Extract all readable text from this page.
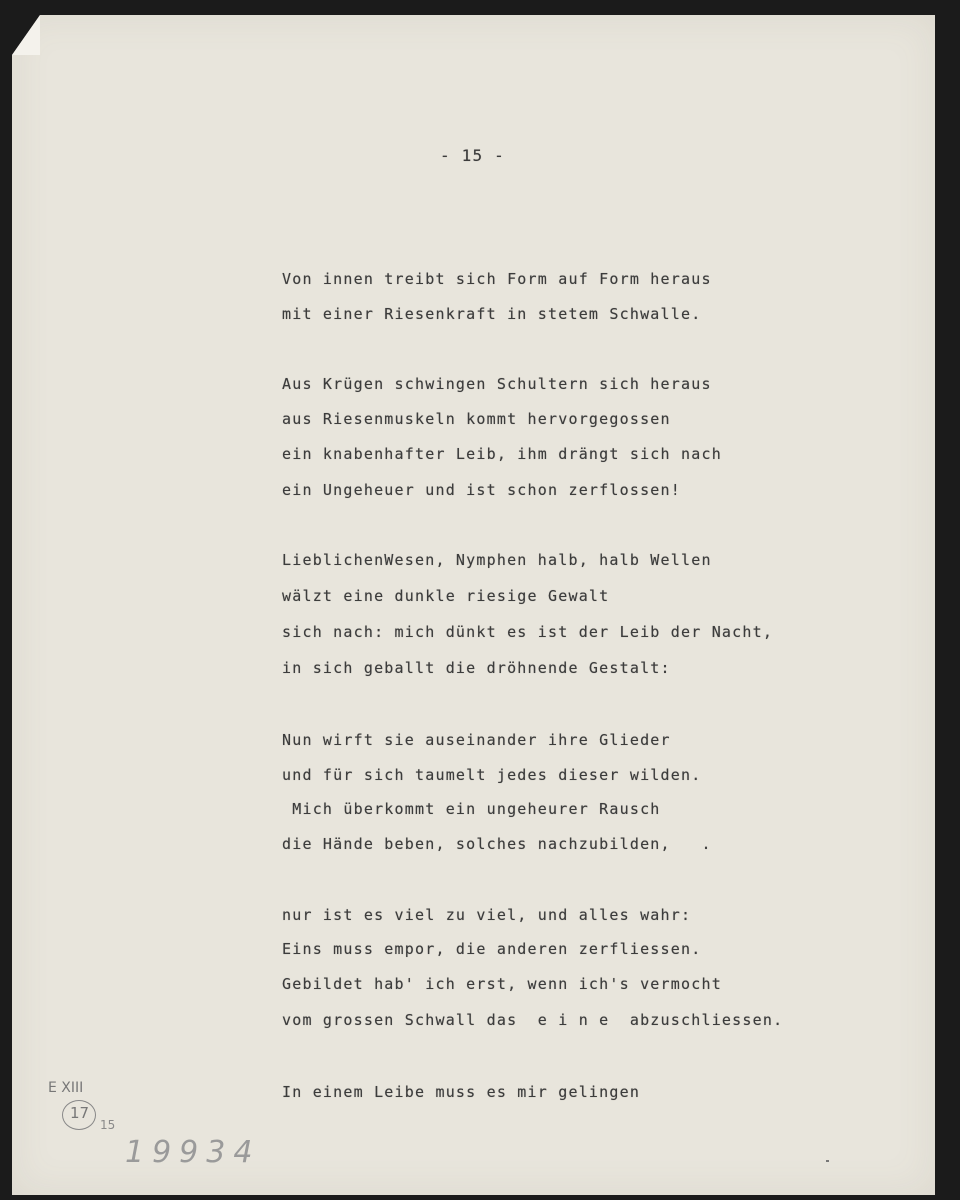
- 15 -

Von innen treibt sich Form auf Form heraus

mit einer Riesenkraft in stetem Schwalle.

Aus Krügen schwingen Schultern sich heraus

aus Riesenmuskeln kommt hervorgegossen

ein knabenhafter Leib, ihm drängt sich nach

ein Ungeheuer und ist schon zerflossen!

LieblichenWesen, Nymphen halb, halb Wellen

wälzt eine dunkle riesige Gewalt

sich nach: mich dünkt es ist der Leib der Nacht,

in sich geballt die dröhnende Gestalt:

Nun wirft sie auseinander ihre Glieder

und für sich taumelt jedes dieser wilden.

Mich überkommt ein ungeheurer Rausch

die Hände beben, solches nachzubilden,   .

nur ist es viel zu viel, und alles wahr:

Eins muss empor, die anderen zerfliessen.

Gebildet hab' ich erst, wenn ich's vermocht

vom grossen Schwall das  e i n e  abzuschliessen.

In einem Leibe muss es mir gelingen

E XIII

17

15

19934
